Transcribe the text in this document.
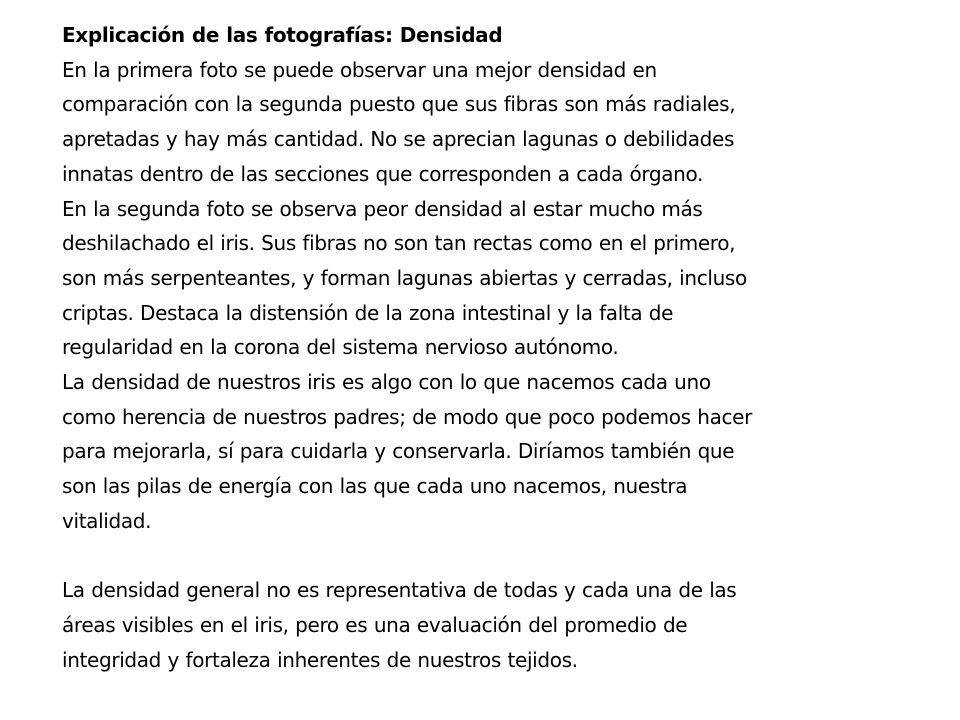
Explicación de las fotografías: Densidad

En la primera foto se puede observar una mejor densidad en
comparación con la segunda puesto que sus fibras son más radiales,
apretadas y hay más cantidad. No se aprecian lagunas o debilidades
innatas dentro de las secciones que corresponden a cada órgano.

En la segunda foto se observa peor densidad al estar mucho más
deshilachado el iris. Sus fibras no son tan rectas como en el primero,
son más serpenteantes, y forman lagunas abiertas y cerradas, incluso
criptas. Destaca la distensión de la zona intestinal y la falta de
regularidad en la corona del sistema nervioso autónomo.

La densidad de nuestros iris es algo con lo que nacemos cada uno
como herencia de nuestros padres; de modo que poco podemos hacer
para mejorarla, sí para cuidarla y conservarla. Diríamos también que
son las pilas de energía con las que cada uno nacemos, nuestra
vitalidad.

La densidad general no es representativa de todas y cada una de las
áreas visibles en el iris, pero es una evaluación del promedio de
integridad y fortaleza inherentes de nuestros tejidos.
